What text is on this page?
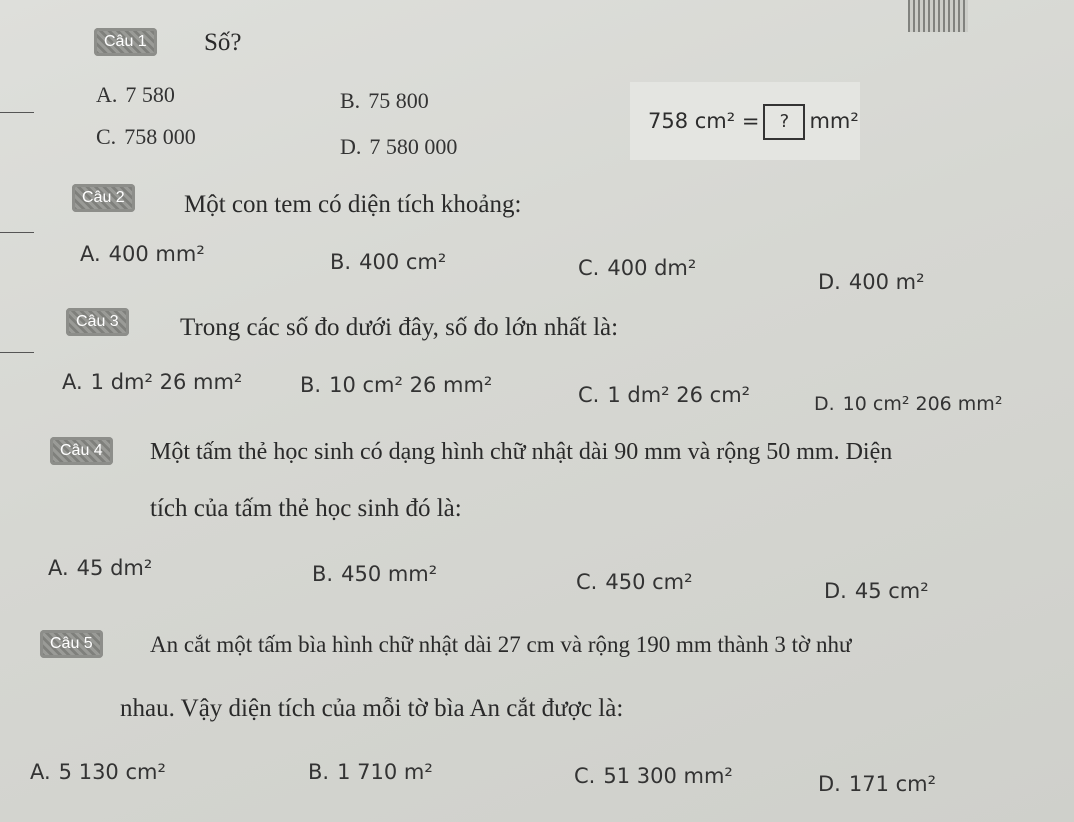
Câu 1	Số?
A. 7 580	B. 75 800
C. 758 000	D. 7 580 000
758 cm² = ? mm²
Câu 2	Một con tem có diện tích khoảng:
A. 400 mm²	B. 400 cm²	C. 400 dm²
D. 400 m²
Câu 3	Trong các số đo dưới đây, số đo lớn nhất là:
A. 1 dm² 26 mm²	B. 10 cm² 26 mm²	C. 1 dm² 26 cm²	D. 10 cm² 206 mm²
Câu 4	Một tấm thẻ học sinh có dạng hình chữ nhật dài 90 mm và rộng 50 mm. Diện
tích của tấm thẻ học sinh đó là:
A. 45 dm²	B. 450 mm²	C. 450 cm²	D. 45 cm²
Câu 5	An cắt một tấm bìa hình chữ nhật dài 27 cm và rộng 190 mm thành 3 tờ như
nhau. Vậy diện tích của mỗi tờ bìa An cắt được là:
A. 5 130 cm²	B. 1 710 m²	C. 51 300 mm²	D. 171 cm²
